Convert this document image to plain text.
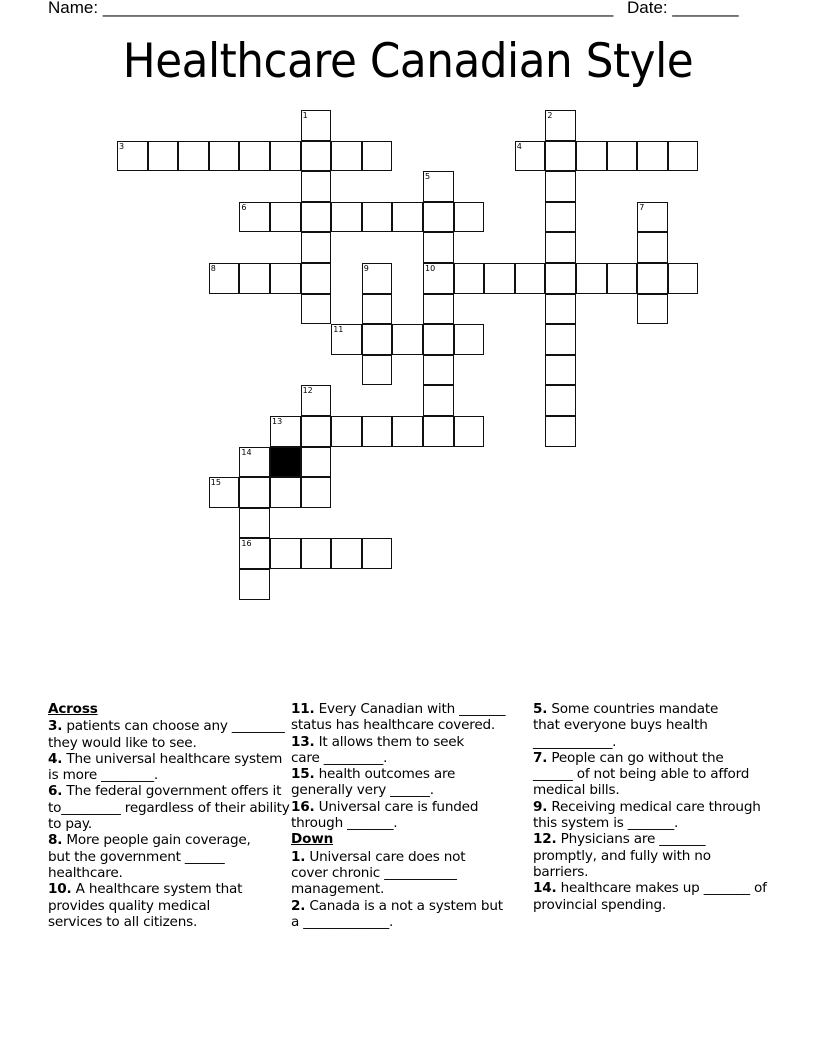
Name: ______________________________________________________ Date: _______
Healthcare Canadian Style
1	2
3	4
5
10
6	7
8	9
11
12
13
14
16
15
Across
3. patients can choose any ________ they would like to see.
4. The universal healthcare system is more ________.
6. The federal government offers it to_________ regardless of their ability to pay.
8. More people gain coverage, but the government ______ healthcare.
10. A healthcare system that provides quality medical services to all citizens.
11. Every Canadian with _______ status has healthcare covered.
13. It allows them to seek care _________.
15. health outcomes are generally very ______.
16. Universal care is funded through _______.
Down
1. Universal care does not cover chronic ___________ management.
2. Canada is a not a system but a _____________.
5. Some countries mandate that everyone buys health ____________.
7. People can go without the ______ of not being able to afford medical bills.
9. Receiving medical care through this system is _______.
12. Physicians are _______ promptly, and fully with no barriers.
14. healthcare makes up _______ of provincial spending.
